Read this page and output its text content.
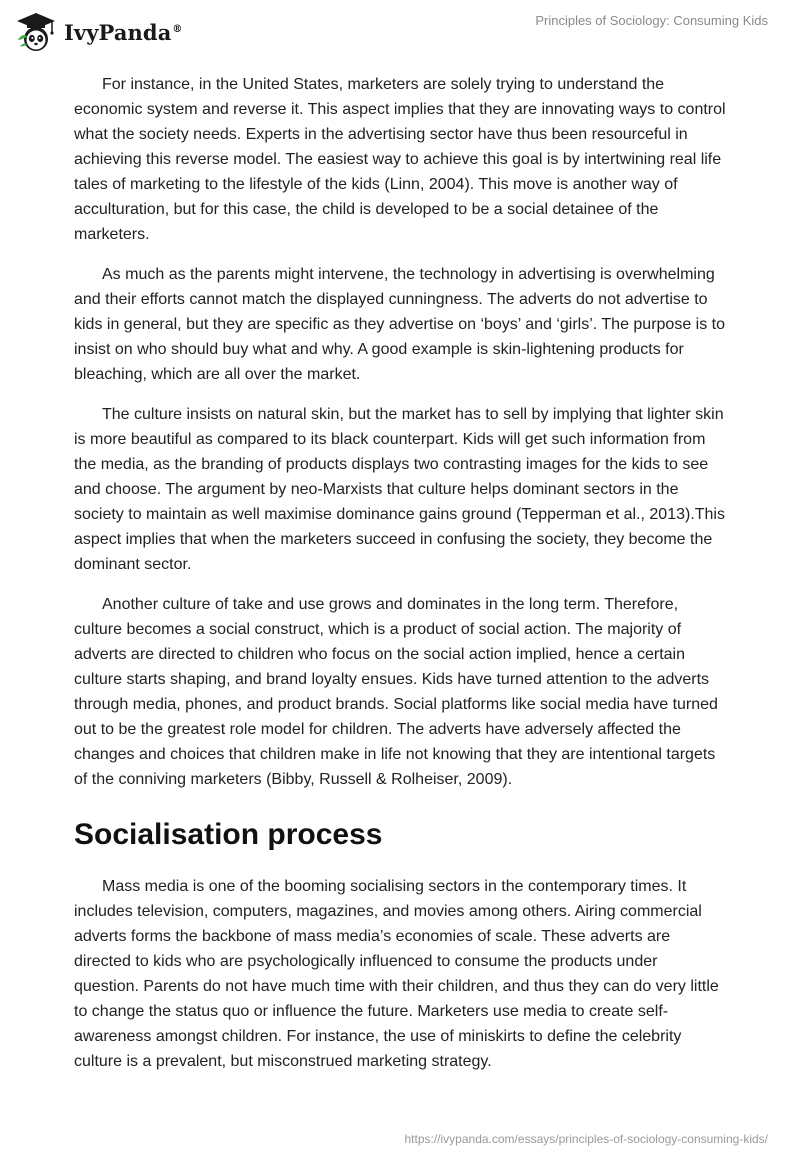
IvyPanda®
Principles of Sociology: Consuming Kids

For instance, in the United States, marketers are solely trying to understand the economic system and reverse it. This aspect implies that they are innovating ways to control what the society needs. Experts in the advertising sector have thus been resourceful in achieving this reverse model. The easiest way to achieve this goal is by intertwining real life tales of marketing to the lifestyle of the kids (Linn, 2004). This move is another way of acculturation, but for this case, the child is developed to be a social detainee of the marketers.

As much as the parents might intervene, the technology in advertising is overwhelming and their efforts cannot match the displayed cunningness. The adverts do not advertise to kids in general, but they are specific as they advertise on ‘boys’ and ‘girls’. The purpose is to insist on who should buy what and why. A good example is skin-lightening products for bleaching, which are all over the market.

The culture insists on natural skin, but the market has to sell by implying that lighter skin is more beautiful as compared to its black counterpart. Kids will get such information from the media, as the branding of products displays two contrasting images for the kids to see and choose. The argument by neo-Marxists that culture helps dominant sectors in the society to maintain as well maximise dominance gains ground (Tepperman et al., 2013).This aspect implies that when the marketers succeed in confusing the society, they become the dominant sector.

Another culture of take and use grows and dominates in the long term. Therefore, culture becomes a social construct, which is a product of social action. The majority of adverts are directed to children who focus on the social action implied, hence a certain culture starts shaping, and brand loyalty ensues. Kids have turned attention to the adverts through media, phones, and product brands. Social platforms like social media have turned out to be the greatest role model for children. The adverts have adversely affected the changes and choices that children make in life not knowing that they are intentional targets of the conniving marketers (Bibby, Russell & Rolheiser, 2009).

Socialisation process

Mass media is one of the booming socialising sectors in the contemporary times. It includes television, computers, magazines, and movies among others. Airing commercial adverts forms the backbone of mass media’s economies of scale. These adverts are directed to kids who are psychologically influenced to consume the products under question. Parents do not have much time with their children, and thus they can do very little to change the status quo or influence the future. Marketers use media to create self-awareness amongst children. For instance, the use of miniskirts to define the celebrity culture is a prevalent, but misconstrued marketing strategy.

https://ivypanda.com/essays/principles-of-sociology-consuming-kids/
